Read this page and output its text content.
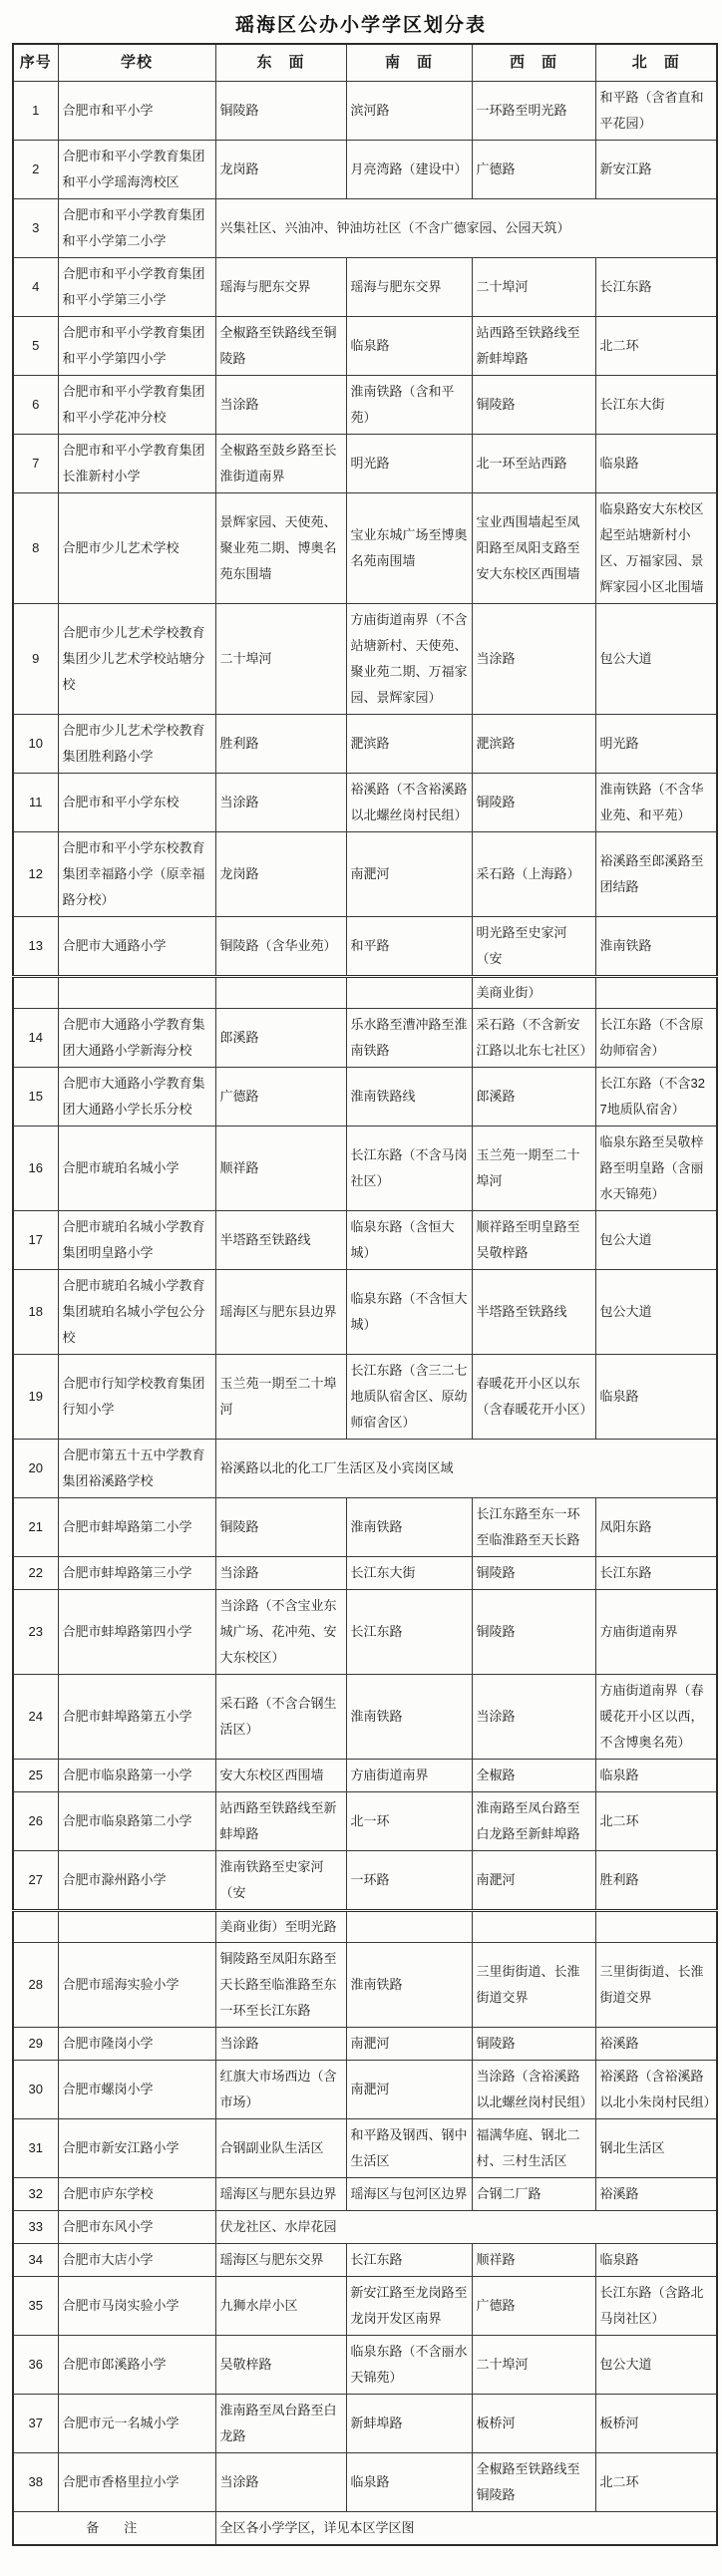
瑶海区公办小学学区划分表
序号	学校	东　面	南　面	西　面	北　面
1	合肥市和平小学	铜陵路	滨河路	一环路至明光路	和平路（含省直和平花园）
2	合肥市和平小学教育集团和平小学瑶海湾校区	龙岗路	月亮湾路（建设中）	广德路	新安江路
3	合肥市和平小学教育集团和平小学第二小学	兴集社区、兴油冲、钟油坊社区（不含广德家园、公园天筑）			
4	合肥市和平小学教育集团和平小学第三小学	瑶海与肥东交界	瑶海与肥东交界	二十埠河	长江东路
5	合肥市和平小学教育集团和平小学第四小学	全椒路至铁路线至铜陵路	临泉路	站西路至铁路线至新蚌埠路	北二环
6	合肥市和平小学教育集团和平小学花冲分校	当涂路	淮南铁路（含和平苑）	铜陵路	长江东大街
7	合肥市和平小学教育集团长淮新村小学	全椒路至鼓乡路至长淮街道南界	明光路	北一环至站西路	临泉路
8	合肥市少儿艺术学校	景辉家园、天使苑、聚业苑二期、博奥名苑东围墙	宝业东城广场至博奥名苑南围墙	宝业西围墙起至凤阳路至凤阳支路至安大东校区西围墙	临泉路安大东校区起至站塘新村小区、万福家园、景辉家园小区北围墙
9	合肥市少儿艺术学校教育集团少儿艺术学校站塘分校	二十埠河	方庙街道南界（不含站塘新村、天使苑、聚业苑二期、万福家园、景辉家园）	当涂路	包公大道
10	合肥市少儿艺术学校教育集团胜利路小学	胜利路	淝滨路	淝滨路	明光路
11	合肥市和平小学东校	当涂路	裕溪路（不含裕溪路以北螺丝岗村民组）	铜陵路	淮南铁路（不含华业苑、和平苑）
12	合肥市和平小学东校教育集团幸福路小学（原幸福路分校）	龙岗路	南淝河	采石路（上海路）	裕溪路至郎溪路至团结路
13	合肥市大通路小学	铜陵路（含华业苑）	和平路	明光路至史家河（安	淮南铁路
				美商业街）	
14	合肥市大通路小学教育集团大通路小学新海分校	郎溪路	乐水路至漕冲路至淮南铁路	采石路（不含新安江路以北东七社区）	长江东路（不含原幼师宿舍）
15	合肥市大通路小学教育集团大通路小学长乐分校	广德路	淮南铁路线	郎溪路	长江东路（不含327地质队宿舍）
16	合肥市琥珀名城小学	顺祥路	长江东路（不含马岗社区）	玉兰苑一期至二十埠河	临泉东路至吴敬梓路至明皇路（含丽水天锦苑）
17	合肥市琥珀名城小学教育集团明皇路小学	半塔路至铁路线	临泉东路（含恒大城）	顺祥路至明皇路至吴敬梓路	包公大道
18	合肥市琥珀名城小学教育集团琥珀名城小学包公分校	瑶海区与肥东县边界	临泉东路（不含恒大城）	半塔路至铁路线	包公大道
19	合肥市行知学校教育集团行知小学	玉兰苑一期至二十埠河	长江东路（含三二七地质队宿舍区、原幼师宿舍区）	春暖花开小区以东（含春暖花开小区）	临泉路
20	合肥市第五十五中学教育集团裕溪路学校	裕溪路以北的化工厂生活区及小宾岗区域			
21	合肥市蚌埠路第二小学	铜陵路	淮南铁路	长江东路至东一环至临淮路至天长路	凤阳东路
22	合肥市蚌埠路第三小学	当涂路	长江东大街	铜陵路	长江东路
23	合肥市蚌埠路第四小学	当涂路（不含宝业东城广场、花冲苑、安大东校区）	长江东路	铜陵路	方庙街道南界
24	合肥市蚌埠路第五小学	采石路（不含合钢生活区）	淮南铁路	当涂路	方庙街道南界（春暖花开小区以西，不含博奥名苑）
25	合肥市临泉路第一小学	安大东校区西围墙	方庙街道南界	全椒路	临泉路
26	合肥市临泉路第二小学	站西路至铁路线至新蚌埠路	北一环	淮南路至凤台路至白龙路至新蚌埠路	北二环
27	合肥市滁州路小学	淮南铁路至史家河（安	一环路	南淝河	胜利路
		美商业街）至明光路			
28	合肥市瑶海实验小学	铜陵路至凤阳东路至天长路至临淮路至东一环至长江东路	淮南铁路	三里街街道、长淮街道交界	三里街街道、长淮街道交界
29	合肥市隆岗小学	当涂路	南淝河	铜陵路	裕溪路
30	合肥市螺岗小学	红旗大市场西边（含市场）	南淝河	当涂路（含裕溪路以北螺丝岗村民组）	裕溪路（含裕溪路以北小朱岗村民组）
31	合肥市新安江路小学	合钢副业队生活区	和平路及钢西、钢中生活区	福满华庭、钢北二村、三村生活区	钢北生活区
32	合肥市庐东学校	瑶海区与肥东县边界	瑶海区与包河区边界	合钢二厂路	裕溪路
33	合肥市东风小学	伏龙社区、水岸花园			
34	合肥市大店小学	瑶海区与肥东交界	长江东路	顺祥路	临泉路
35	合肥市马岗实验小学	九狮水岸小区	新安江路至龙岗路至龙岗开发区南界	广德路	长江东路（含路北马岗社区）
36	合肥市郎溪路小学	吴敬梓路	临泉东路（不含丽水天锦苑）	二十埠河	包公大道
37	合肥市元一名城小学	淮南路至凤台路至白龙路	新蚌埠路	板桥河	板桥河
38	合肥市香格里拉小学	当涂路	临泉路	全椒路至铁路线至铜陵路	北二环
备　注		全区各小学学区，详见本区学区图			
